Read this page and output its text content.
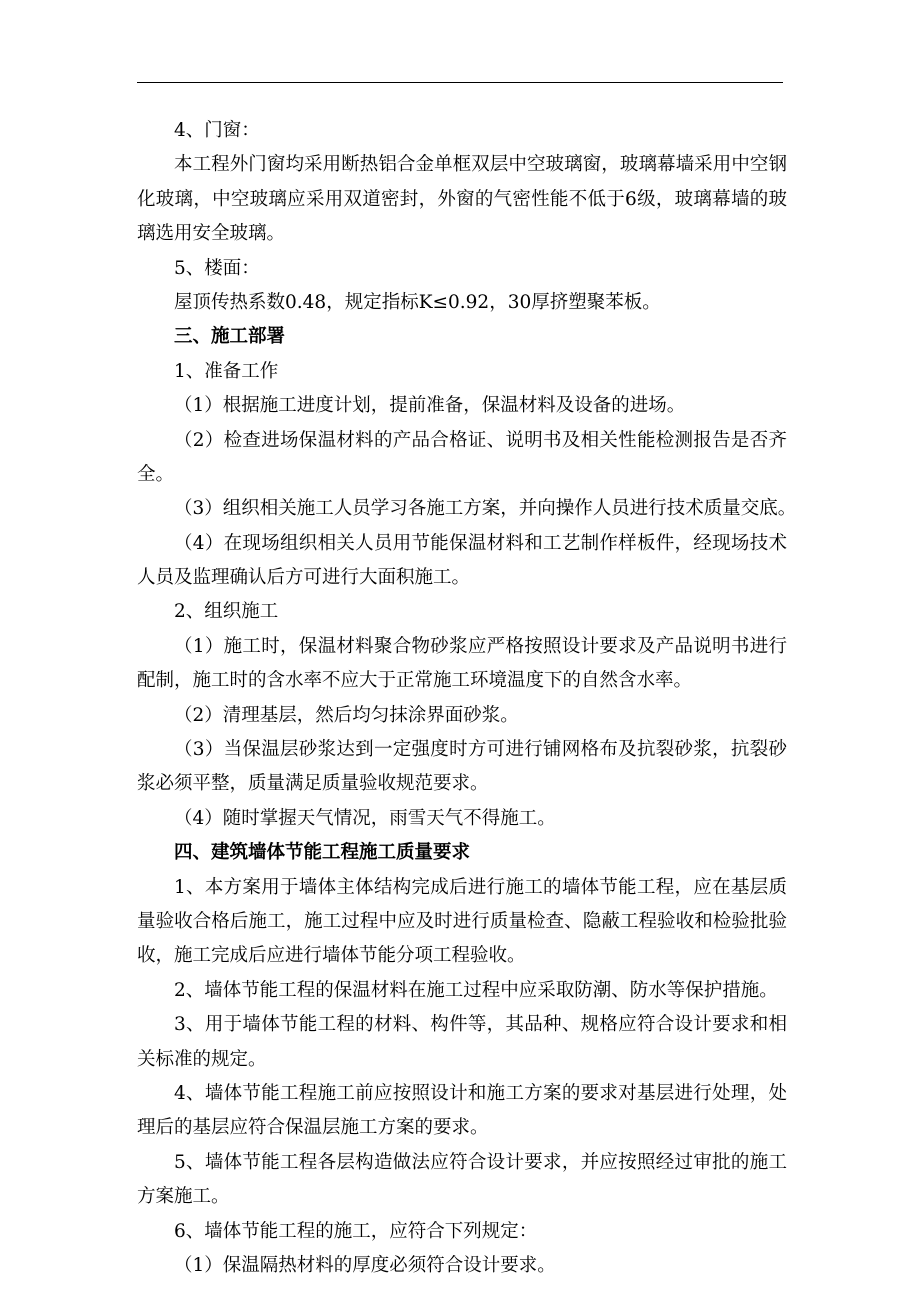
4、门窗：
本工程外门窗均采用断热铝合金单框双层中空玻璃窗，玻璃幕墙采用中空钢
化玻璃，中空玻璃应采用双道密封，外窗的气密性能不低于6级，玻璃幕墙的玻
璃选用安全玻璃。
5、楼面：
屋顶传热系数0.48，规定指标K≤0.92，30厚挤塑聚苯板。
三、施工部署
1、准备工作
（1）根据施工进度计划，提前准备，保温材料及设备的进场。
（2）检查进场保温材料的产品合格证、说明书及相关性能检测报告是否齐
全。
（3）组织相关施工人员学习各施工方案，并向操作人员进行技术质量交底。
（4）在现场组织相关人员用节能保温材料和工艺制作样板件，经现场技术
人员及监理确认后方可进行大面积施工。
2、组织施工
（1）施工时，保温材料聚合物砂浆应严格按照设计要求及产品说明书进行
配制，施工时的含水率不应大于正常施工环境温度下的自然含水率。
（2）清理基层，然后均匀抹涂界面砂浆。
（3）当保温层砂浆达到一定强度时方可进行铺网格布及抗裂砂浆，抗裂砂
浆必须平整，质量满足质量验收规范要求。
（4）随时掌握天气情况，雨雪天气不得施工。
四、建筑墙体节能工程施工质量要求
1、本方案用于墙体主体结构完成后进行施工的墙体节能工程，应在基层质
量验收合格后施工，施工过程中应及时进行质量检查、隐蔽工程验收和检验批验
收，施工完成后应进行墙体节能分项工程验收。
2、墙体节能工程的保温材料在施工过程中应采取防潮、防水等保护措施。
3、用于墙体节能工程的材料、构件等，其品种、规格应符合设计要求和相
关标准的规定。
4、墙体节能工程施工前应按照设计和施工方案的要求对基层进行处理，处
理后的基层应符合保温层施工方案的要求。
5、墙体节能工程各层构造做法应符合设计要求，并应按照经过审批的施工
方案施工。
6、墙体节能工程的施工，应符合下列规定：
（1）保温隔热材料的厚度必须符合设计要求。
